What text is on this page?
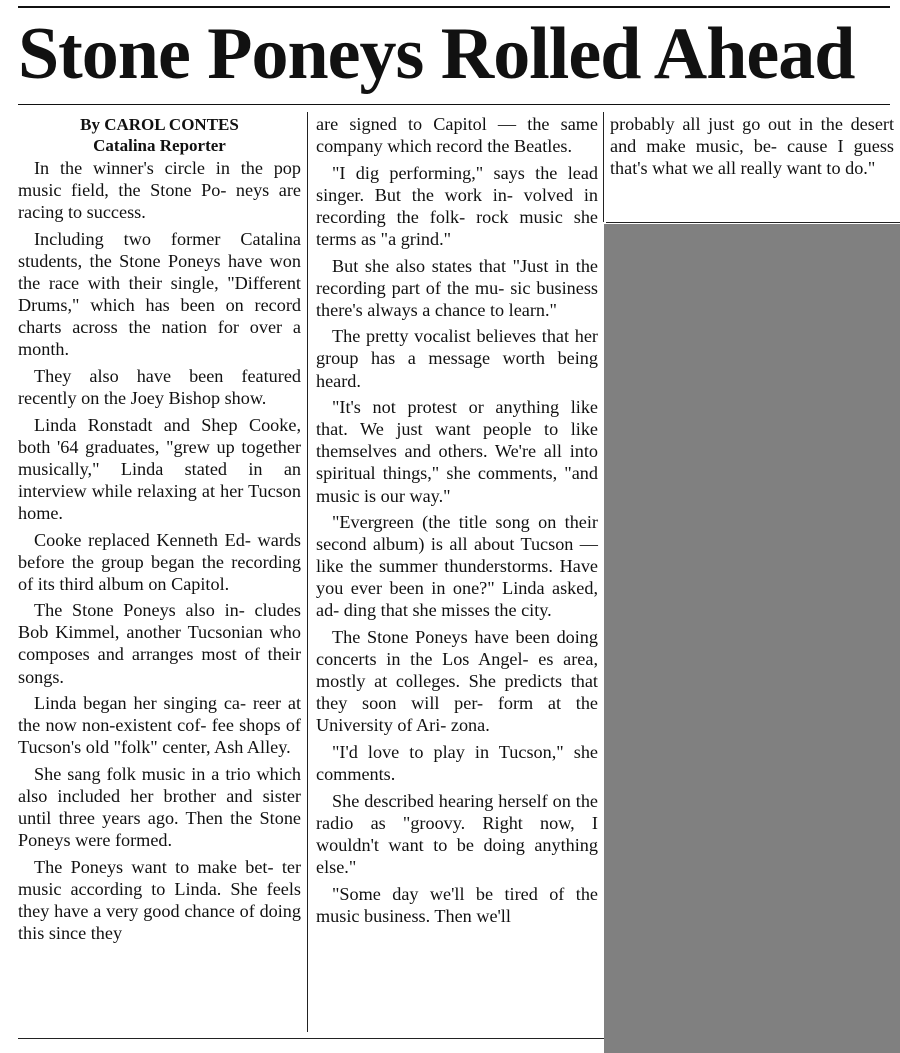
Stone Poneys Rolled Ahead
By CAROL CONTES
Catalina Reporter

In the winner's circle in the pop music field, the Stone Po- neys are racing to success.

Including two former Catalina students, the Stone Poneys have won the race with their single, "Different Drums," which has been on record charts across the nation for over a month.

They also have been featured recently on the Joey Bishop show.

Linda Ronstadt and Shep Cooke, both '64 graduates, "grew up together musically," Linda stated in an interview while relaxing at her Tucson home.

Cooke replaced Kenneth Ed- wards before the group began the recording of its third album on Capitol.

The Stone Poneys also in- cludes Bob Kimmel, another Tucsonian who composes and arranges most of their songs.

Linda began her singing ca- reer at the now non-existent cof- fee shops of Tucson's old "folk" center, Ash Alley.

She sang folk music in a trio which also included her brother and sister until three years ago. Then the Stone Poneys were formed.

The Poneys want to make bet- ter music according to Linda. She feels they have a very good chance of doing this since they

are signed to Capitol — the same company which record the Beatles.

"I dig performing," says the lead singer. But the work in- volved in recording the folk- rock music she terms as "a grind."

But she also states that "Just in the recording part of the mu- sic business there's always a chance to learn."

The pretty vocalist believes that her group has a message worth being heard.

"It's not protest or anything like that. We just want people to like themselves and others. We're all into spiritual things," she comments, "and music is our way."

"Evergreen (the title song on their second album) is all about Tucson — like the summer thunderstorms. Have you ever been in one?" Linda asked, ad- ding that she misses the city.

The Stone Poneys have been doing concerts in the Los Angel- es area, mostly at colleges. She predicts that they soon will per- form at the University of Ari- zona.

"I'd love to play in Tucson," she comments.

She described hearing herself on the radio as "groovy. Right now, I wouldn't want to be doing anything else."

"Some day we'll be tired of the music business. Then we'll

probably all just go out in the desert and make music, be- cause I guess that's what we all really want to do."
